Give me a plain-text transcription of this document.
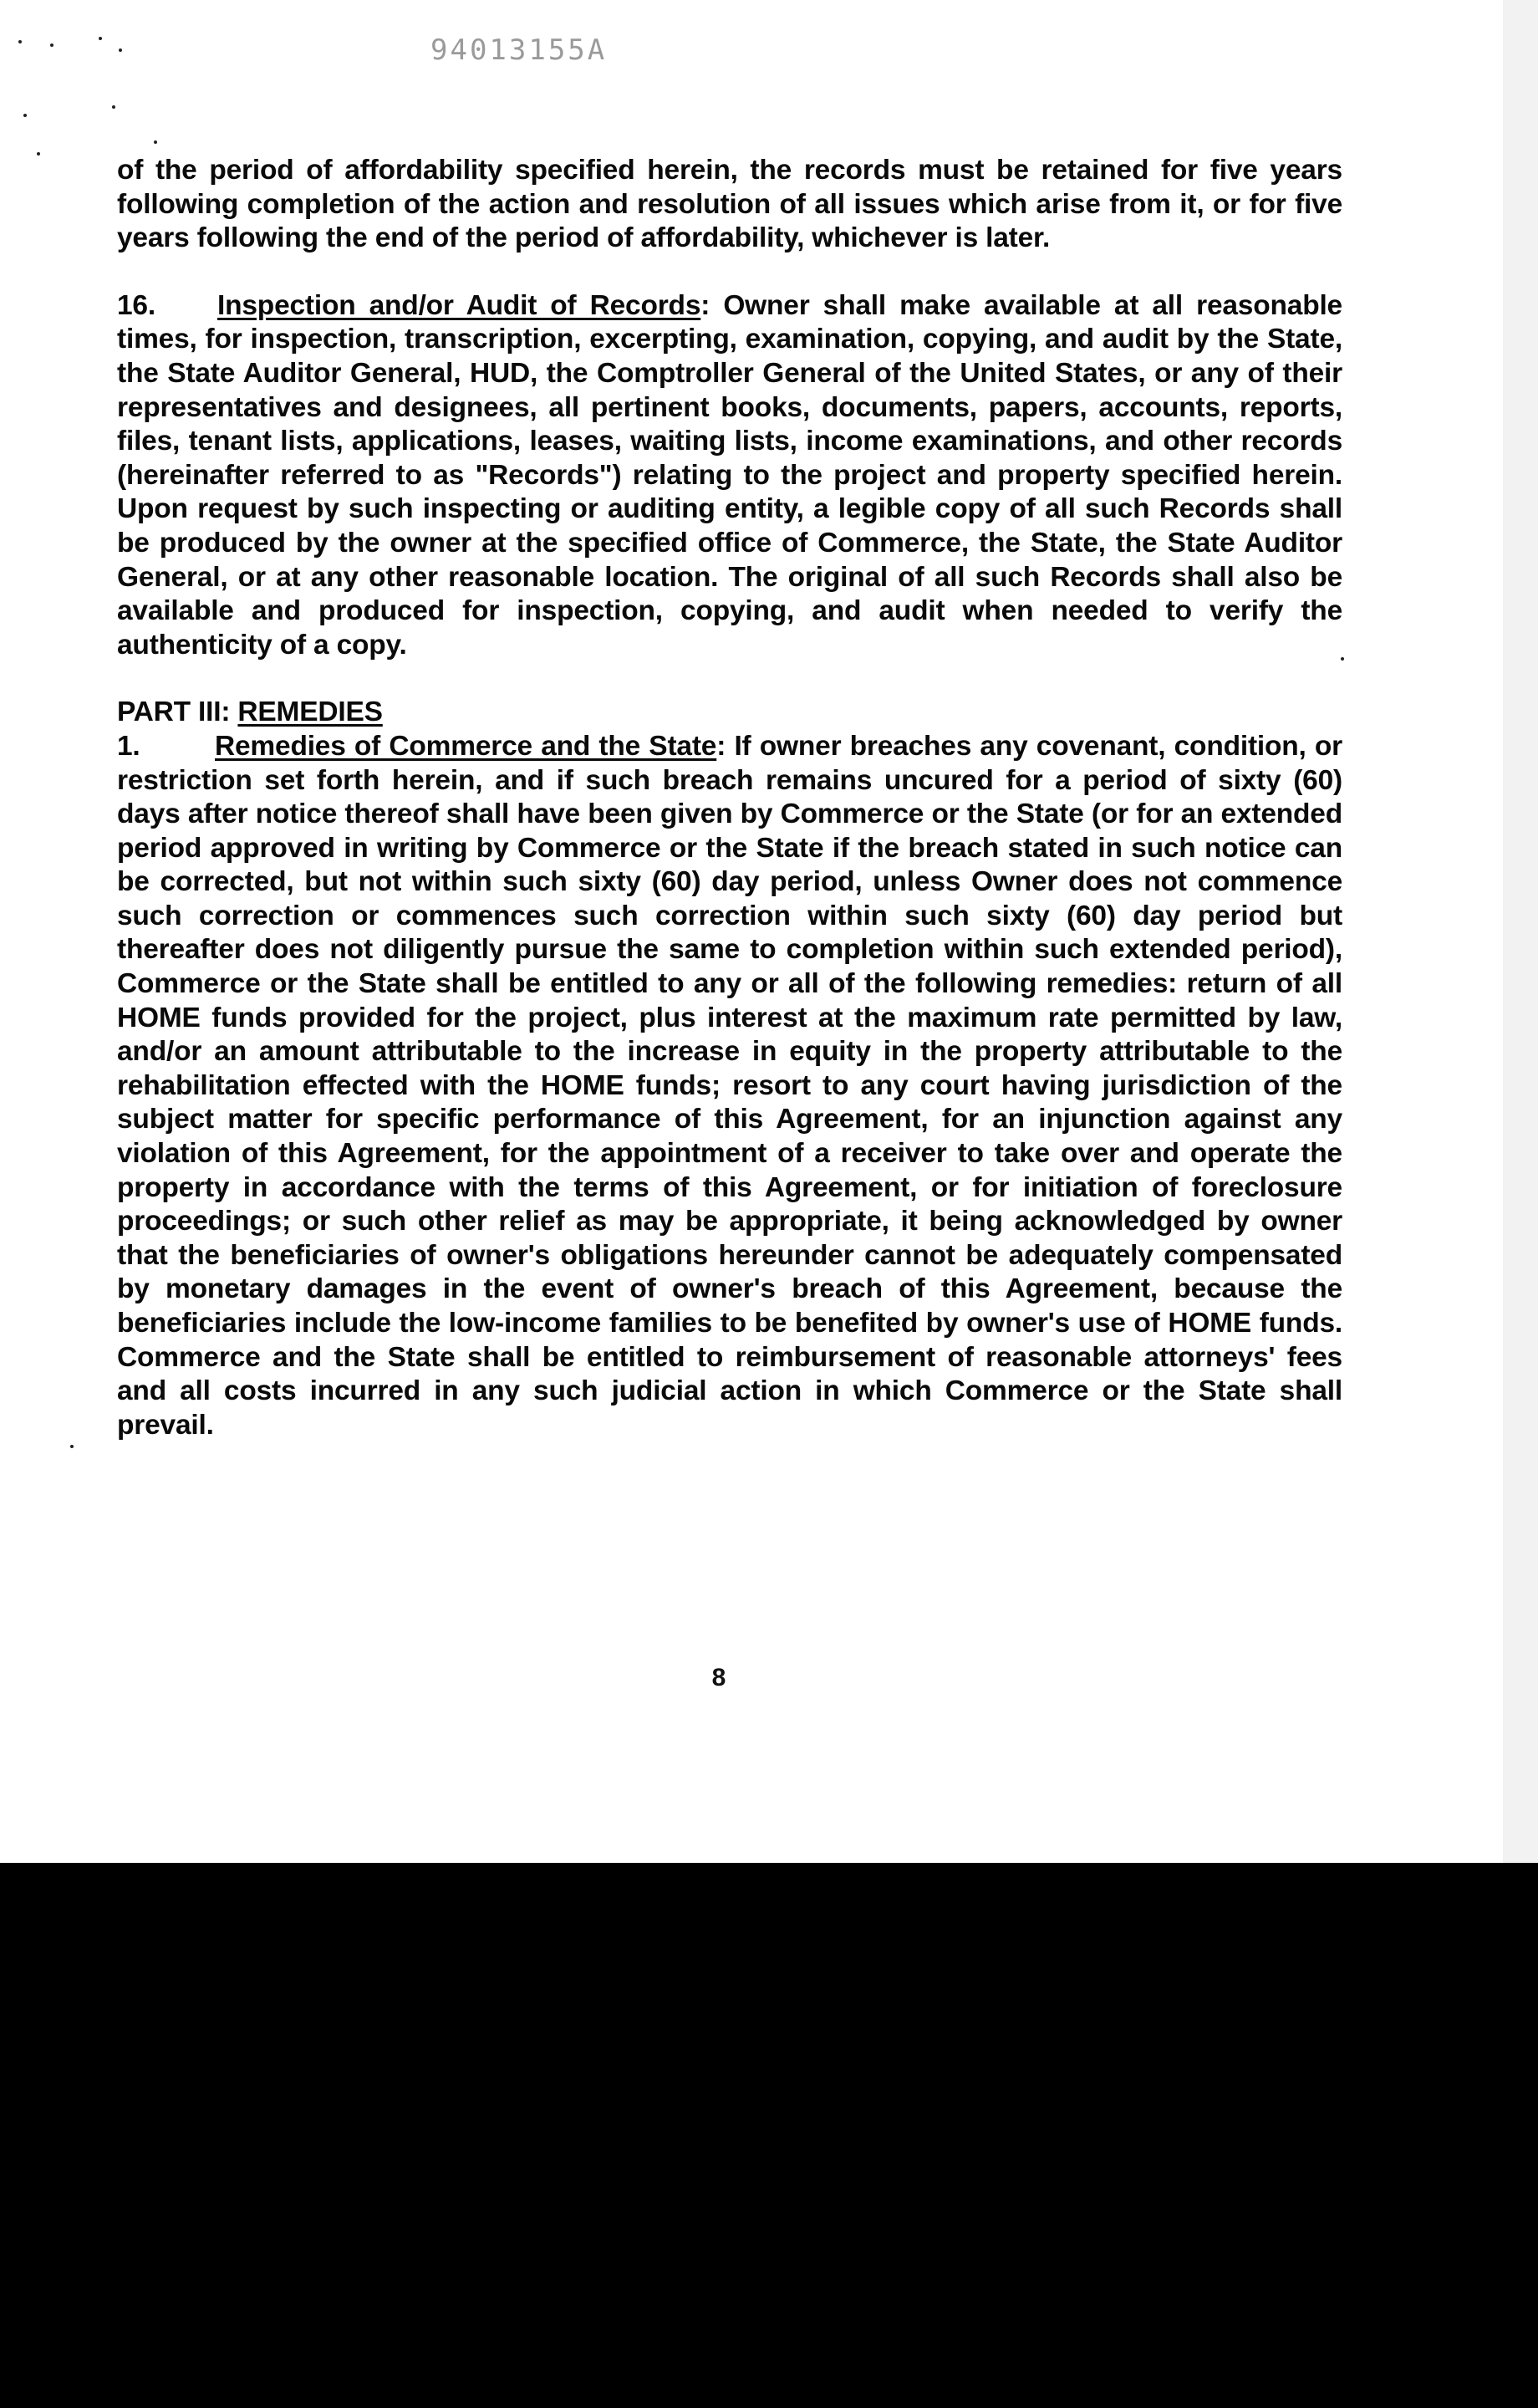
94013155A

of the period of affordability specified herein, the records must be retained for five years following completion of the action and resolution of all issues which arise from it, or for five years following the end of the period of affordability, whichever is later.

16. Inspection and/or Audit of Records: Owner shall make available at all reasonable times, for inspection, transcription, excerpting, examination, copying, and audit by the State, the State Auditor General, HUD, the Comptroller General of the United States, or any of their representatives and designees, all pertinent books, documents, papers, accounts, reports, files, tenant lists, applications, leases, waiting lists, income examinations, and other records (hereinafter referred to as "Records") relating to the project and property specified herein. Upon request by such inspecting or auditing entity, a legible copy of all such Records shall be produced by the owner at the specified office of Commerce, the State, the State Auditor General, or at any other reasonable location. The original of all such Records shall also be available and produced for inspection, copying, and audit when needed to verify the authenticity of a copy.

PART III: REMEDIES

1.	Remedies of Commerce and the State: If owner breaches any covenant, condition, or restriction set forth herein, and if such breach remains uncured for a period of sixty (60) days after notice thereof shall have been given by Commerce or the State (or for an extended period approved in writing by Commerce or the State if the breach stated in such notice can be corrected, but not within such sixty (60) day period, unless Owner does not commence such correction or commences such correction within such sixty (60) day period but thereafter does not diligently pursue the same to completion within such extended period), Commerce or the State shall be entitled to any or all of the following remedies: return of all HOME funds provided for the project, plus interest at the maximum rate permitted by law, and/or an amount attributable to the increase in equity in the property attributable to the rehabilitation effected with the HOME funds; resort to any court having jurisdiction of the subject matter for specific performance of this Agreement, for an injunction against any violation of this Agreement, for the appointment of a receiver to take over and operate the property in accordance with the terms of this Agreement, or for initiation of foreclosure proceedings; or such other relief as may be appropriate, it being acknowledged by owner that the beneficiaries of owner's obligations hereunder cannot be adequately compensated by monetary damages in the event of owner's breach of this Agreement, because the beneficiaries include the low-income families to be benefited by owner's use of HOME funds. Commerce and the State shall be entitled to reimbursement of reasonable attorneys' fees and all costs incurred in any such judicial action in which Commerce or the State shall prevail.

8
